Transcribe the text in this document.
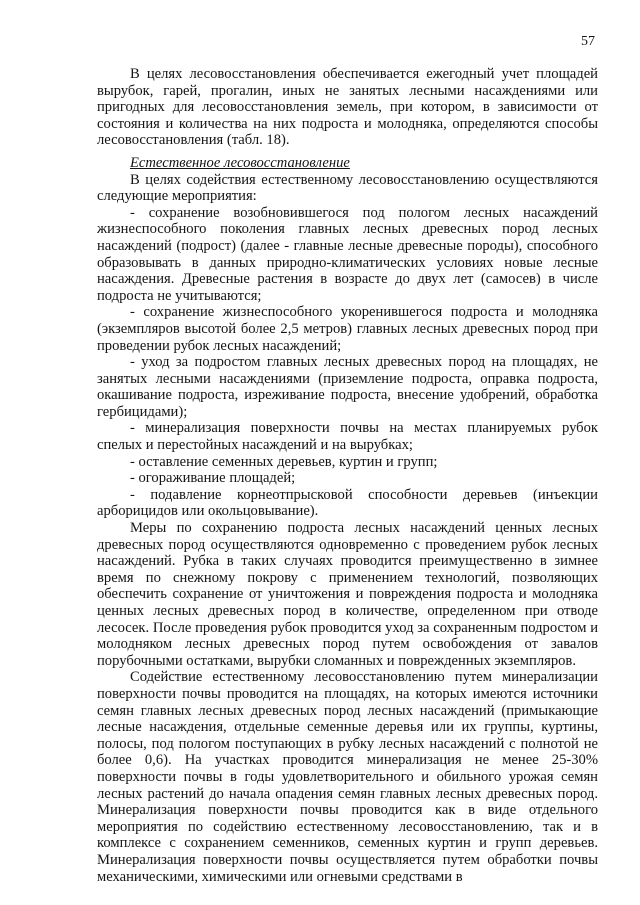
57

В целях лесовосстановления обеспечивается ежегодный учет площадей вырубок, гарей, прогалин, иных не занятых лесными насаждениями или пригодных для лесовосстановления земель, при котором, в зависимости от состояния и количества на них подроста и молодняка, определяются способы лесовосстановления (табл. 18).

Естественное лесовосстановление

В целях содействия естественному лесовосстановлению осуществляются следующие мероприятия:

- сохранение возобновившегося под пологом лесных насаждений жизнеспособного поколения главных лесных древесных пород лесных насаждений (подрост) (далее - главные лесные древесные породы), способного образовывать в данных природно-климатических условиях новые лесные насаждения. Древесные растения в возрасте до двух лет (самосев) в числе подроста не учитываются;

- сохранение жизнеспособного укоренившегося подроста и молодняка (экземпляров высотой более 2,5 метров) главных лесных древесных пород при проведении рубок лесных насаждений;

- уход за подростом главных лесных древесных пород на площадях, не занятых лесными насаждениями (приземление подроста, оправка подроста, окашивание подроста, изреживание подроста, внесение удобрений, обработка гербицидами);

- минерализация поверхности почвы на местах планируемых рубок спелых и перестойных насаждений и на вырубках;

- оставление семенных деревьев, куртин и групп;

- огораживание площадей;

- подавление корнеотпрысковой способности деревьев (инъекции арборицидов или окольцовывание).

Меры по сохранению подроста лесных насаждений ценных лесных древесных пород осуществляются одновременно с проведением рубок лесных насаждений. Рубка в таких случаях проводится преимущественно в зимнее время по снежному покрову с применением технологий, позволяющих обеспечить сохранение от уничтожения и повреждения подроста и молодняка ценных лесных древесных пород в количестве, определенном при отводе лесосек. После проведения рубок проводится уход за сохраненным подростом и молодняком лесных древесных пород путем освобождения от завалов порубочными остатками, вырубки сломанных и поврежденных экземпляров.

Содействие естественному лесовосстановлению путем минерализации поверхности почвы проводится на площадях, на которых имеются источники семян главных лесных древесных пород лесных насаждений (примыкающие лесные насаждения, отдельные семенные деревья или их группы, куртины, полосы, под пологом поступающих в рубку лесных насаждений с полнотой не более 0,6). На участках проводится минерализация не менее 25-30% поверхности почвы в годы удовлетворительного и обильного урожая семян лесных растений до начала опадения семян главных лесных древесных пород. Минерализация поверхности почвы проводится как в виде отдельного мероприятия по содействию естественному лесовосстановлению, так и в комплексе с сохранением семенников, семенных куртин и групп деревьев. Минерализация поверхности почвы осуществляется путем обработки почвы механическими, химическими или огневыми средствами в
